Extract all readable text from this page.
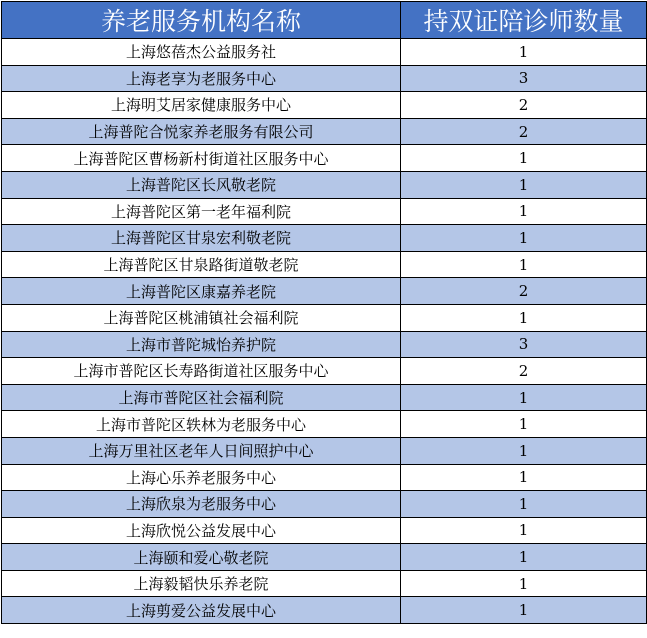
养老服务机构名称	持双证陪诊师数量
上海悠蓓杰公益服务社	1
上海老享为老服务中心	3
上海明艾居家健康服务中心	2
上海普陀合悦家养老服务有限公司	2
上海普陀区曹杨新村街道社区服务中心	1
上海普陀区长风敬老院	1
上海普陀区第一老年福利院	1
上海普陀区甘泉宏利敬老院	1
上海普陀区甘泉路街道敬老院	1
上海普陀区康嘉养老院	2
上海普陀区桃浦镇社会福利院	1
上海市普陀城怡养护院	3
上海市普陀区长寿路街道社区服务中心	2
上海市普陀区社会福利院	1
上海市普陀区轶林为老服务中心	1
上海万里社区老年人日间照护中心	1
上海心乐养老服务中心	1
上海欣泉为老服务中心	1
上海欣悦公益发展中心	1
上海颐和爱心敬老院	1
上海毅韬快乐养老院	1
上海剪爱公益发展中心	1
